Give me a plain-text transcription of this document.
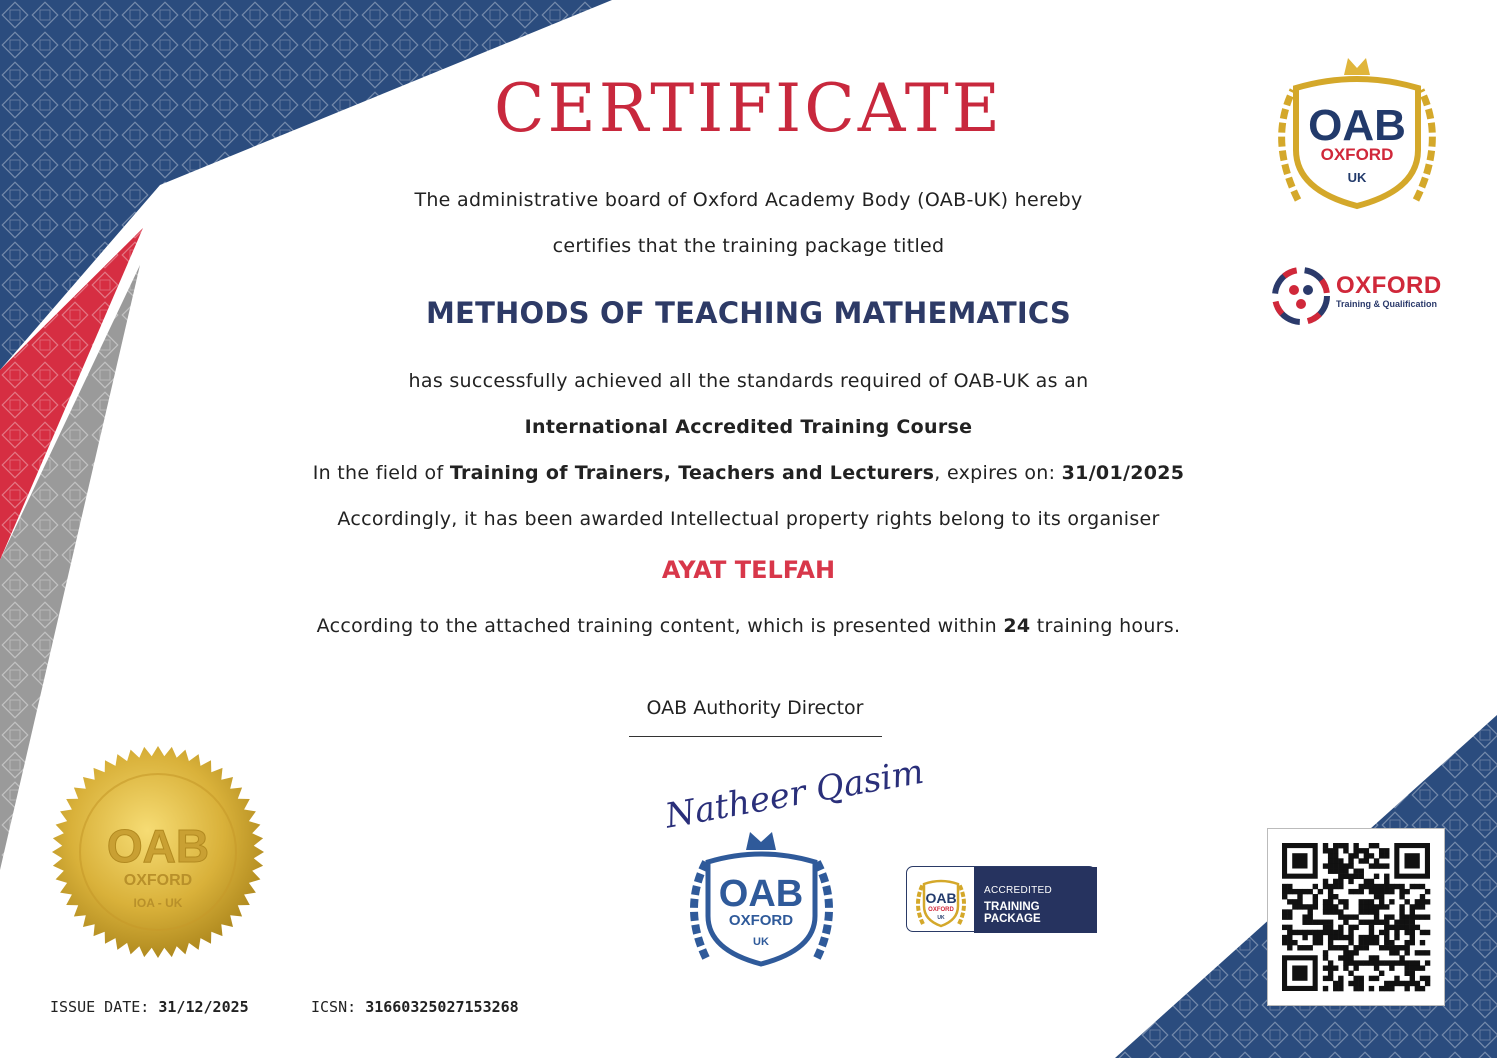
CERTIFICATE
The administrative board of Oxford Academy Body (OAB-UK) hereby
certifies that the training package titled
METHODS OF TEACHING MATHEMATICS
has successfully achieved all the standards required of OAB-UK as an
International Accredited Training Course
In the field of Training of Trainers, Teachers and Lecturers, expires on: 31/01/2025
Accordingly, it has been awarded Intellectual property rights belong to its organiser
AYAT TELFAH
According to the attached training content, which is presented within 24 training hours.
OAB Authority Director
Natheer Qasim
OAB
OXFORD
UK
OXFORD
Training & Qualification
OAB
OXFORD
IOA - UK	OAB
OXFORD
UK
OAB
OXFORD
UK
ACCREDITED
TRAINING PACKAGE
ISSUE DATE: 31/12/2025	ICSN: 31660325027153268
